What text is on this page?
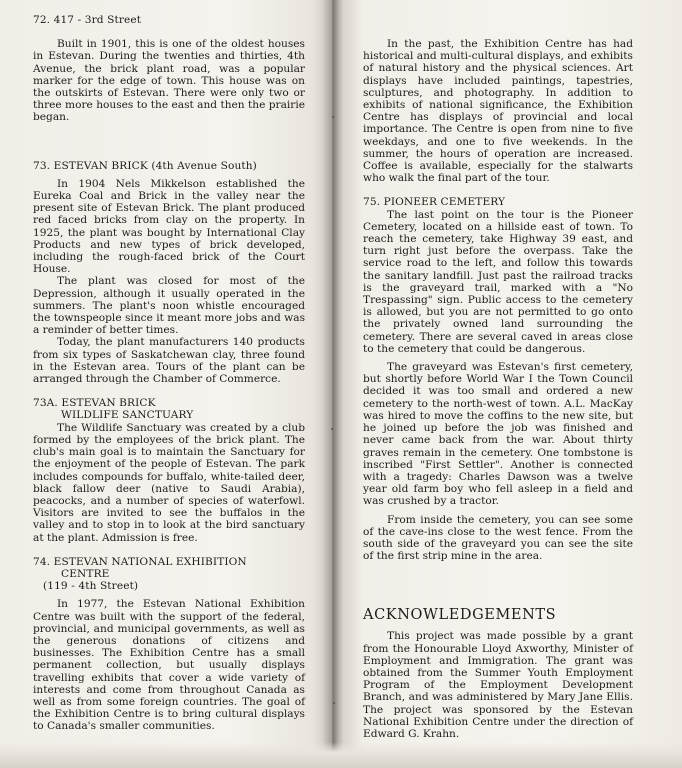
72. 417 - 3rd Street

Built in 1901, this is one of the oldest houses in Estevan. During the twenties and thirties, 4th Avenue, the brick plant road, was a popular marker for the edge of town. This house was on the outskirts of Estevan. There were only two or three more houses to the east and then the prairie began.

73. ESTEVAN BRICK (4th Avenue South)

In 1904 Nels Mikkelson established the Eureka Coal and Brick in the valley near the present site of Estevan Brick. The plant produced red faced bricks from clay on the property. In 1925, the plant was bought by International Clay Products and new types of brick developed, including the rough-faced brick of the Court House.

The plant was closed for most of the Depression, although it usually operated in the summers. The plant's noon whistle encouraged the townspeople since it meant more jobs and was a reminder of better times.

Today, the plant manufacturers 140 products from six types of Saskatchewan clay, three found in the Estevan area. Tours of the plant can be arranged through the Chamber of Commerce.

73A. ESTEVAN BRICK
WILDLIFE SANCTUARY

The Wildlife Sanctuary was created by a club formed by the employees of the brick plant. The club's main goal is to maintain the Sanctuary for the enjoyment of the people of Estevan. The park includes compounds for buffalo, white-tailed deer, black fallow deer (native to Saudi Arabia), peacocks, and a number of species of waterfowl. Visitors are invited to see the buffalos in the valley and to stop in to look at the bird sanctuary at the plant. Admission is free.

74. ESTEVAN NATIONAL EXHIBITION
CENTRE
(119 - 4th Street)

In 1977, the Estevan National Exhibition Centre was built with the support of the federal, provincial, and municipal governments, as well as the generous donations of citizens and businesses. The Exhibition Centre has a small permanent collection, but usually displays travelling exhibits that cover a wide variety of interests and come from throughout Canada as well as from some foreign countries. The goal of the Exhibition Centre is to bring cultural displays to Canada's smaller communities.

In the past, the Exhibition Centre has had historical and multi-cultural displays, and exhibits of natural history and the physical sciences. Art displays have included paintings, tapestries, sculptures, and photography. In addition to exhibits of national significance, the Exhibition Centre has displays of provincial and local importance. The Centre is open from nine to five weekdays, and one to five weekends. In the summer, the hours of operation are increased. Coffee is available, especially for the stalwarts who walk the final part of the tour.

75. PIONEER CEMETERY

The last point on the tour is the Pioneer Cemetery, located on a hillside east of town. To reach the cemetery, take Highway 39 east, and turn right just before the overpass. Take the service road to the left, and follow this towards the sanitary landfill. Just past the railroad tracks is the graveyard trail, marked with a "No Trespassing" sign. Public access to the cemetery is allowed, but you are not permitted to go onto the privately owned land surrounding the cemetery. There are several caved in areas close to the cemetery that could be dangerous.

The graveyard was Estevan's first cemetery, but shortly before World War I the Town Council decided it was too small and ordered a new cemetery to the north-west of town. A.L. MacKay was hired to move the coffins to the new site, but he joined up before the job was finished and never came back from the war. About thirty graves remain in the cemetery. One tombstone is inscribed "First Settler". Another is connected with a tragedy: Charles Dawson was a twelve year old farm boy who fell asleep in a field and was crushed by a tractor.

From inside the cemetery, you can see some of the cave-ins close to the west fence. From the south side of the graveyard you can see the site of the first strip mine in the area.

ACKNOWLEDGEMENTS

This project was made possible by a grant from the Honourable Lloyd Axworthy, Minister of Employment and Immigration. The grant was obtained from the Summer Youth Employment Program of the Employment Development Branch, and was administered by Mary Jane Ellis. The project was sponsored by the Estevan National Exhibition Centre under the direction of Edward G. Krahn.
